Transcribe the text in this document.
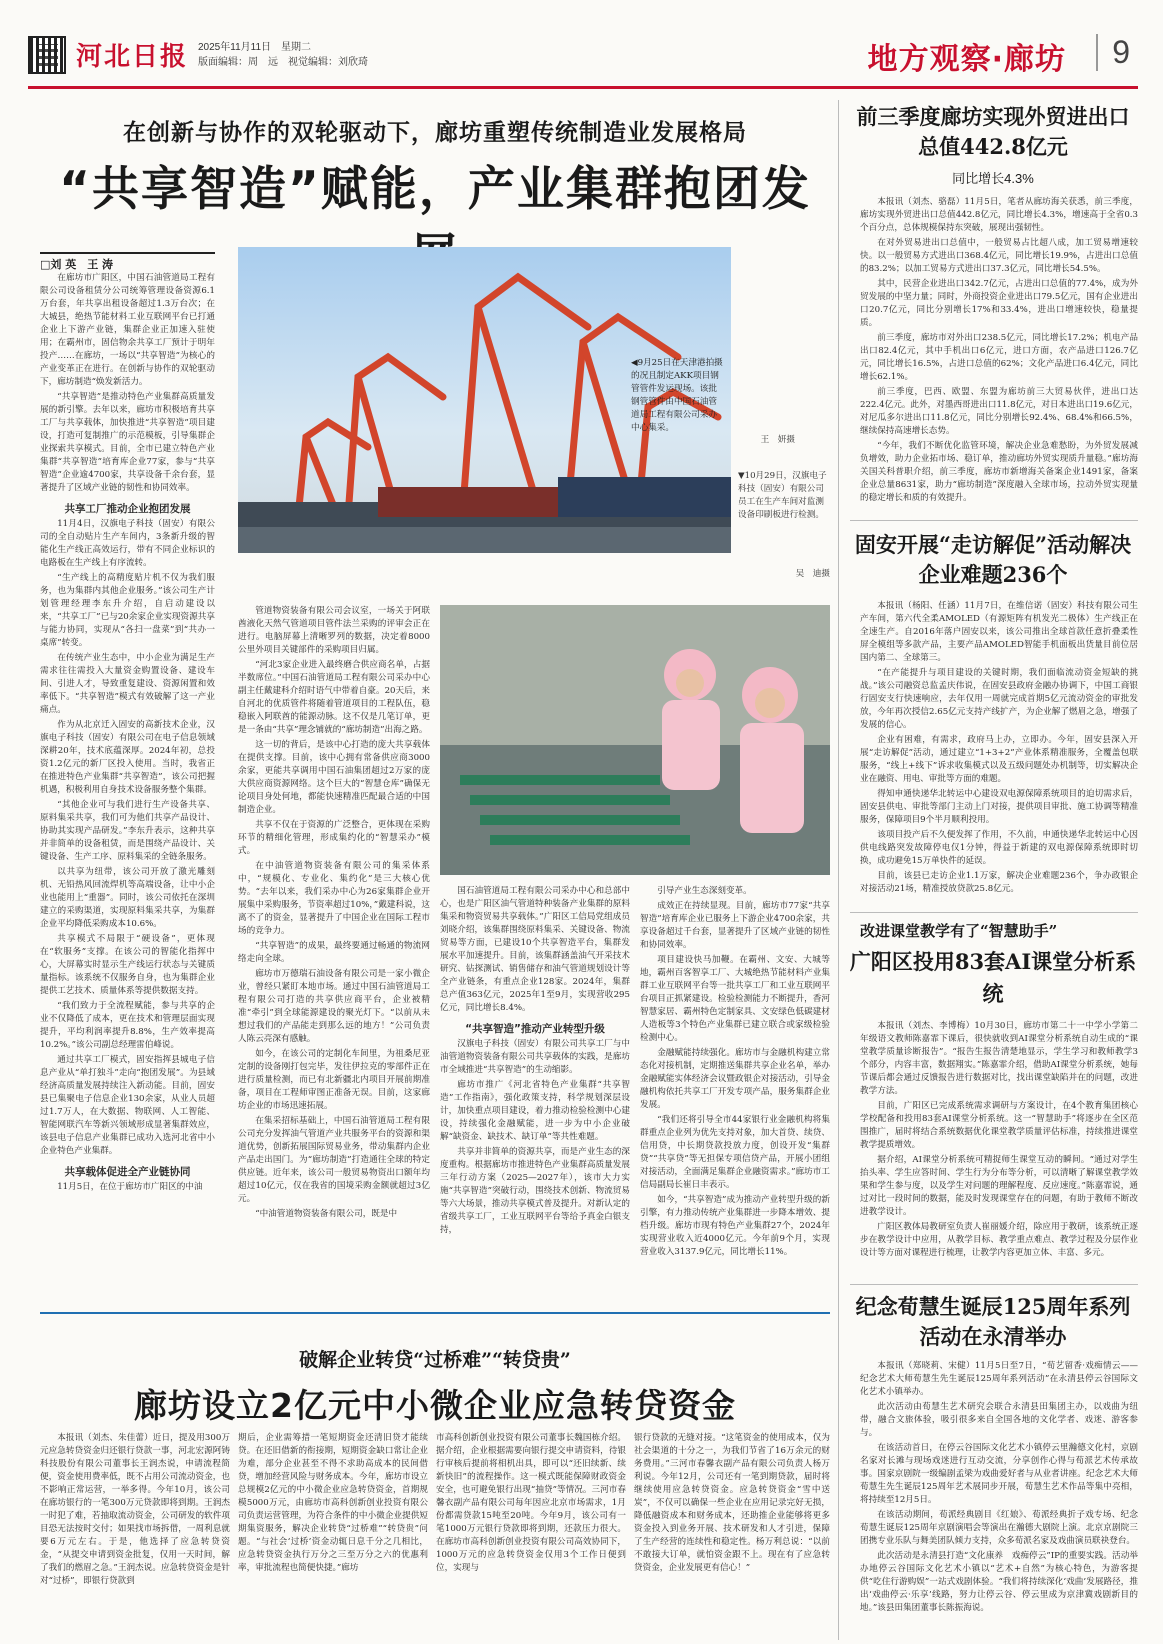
河北日报 2025年11月11日　星期二
版面编辑：周　远　视觉编辑：刘欣琦	地方观察·廊坊	9
在创新与协作的双轮驱动下，廊坊重塑传统制造业发展格局
“共享智造”赋能，产业集群抱团发
□刘 英　王 涛

在廊坊市广阳区，中国石油管道局工程有限公司设备租赁分公司统筹管理设备资源6.1万台套，年共享出租设备超过1.3万台次；在大城县，绝热节能材料工业互联网平台已打通企业上下游产业链，集群企业正加速入驻使用；在霸州市，固信物余共享工厂预计于明年投产……在廊坊，一场以“共享智造”为核心的产业变革正在进行。在创新与协作的双轮驱动下，廊坊制造“焕发新活力。

“共享智造”是推动特色产业集群高质量发展的新引擎。去年以来，廊坊市积极培育共享工厂与共享载体，加快推进“共享智造”项目建设，打造可复制推广的示范模板，引导集群企业探索共享模式。目前，全市已建立特色产业集群“共享智造”培育库企业77家，参与“共享智造”企业逾4700家，共享设备千余台套，显著提升了区域产业链的韧性和协同效率。

共享工厂推动企业抱团发展

11月4日，汉旗电子科技（固安）有限公司的全自动贴片生产车间内，3条新升级的智能化生产线正高效运行，带有不同企业标识的电路板在生产线上有序流转。

“生产线上的高精度贴片机不仅为我们服务，也为集群内其他企业服务。”该公司生产计划管理经理李东升介绍，自启动建设以来，“共享工厂”已与20余家企业实现资源共享与能力协同，实现从“各扫一盘菜”到“共办一桌席”转变。

在传统产业生态中，中小企业为满足生产需求往往需投入大量资金购置设备、建设车间、引进人才，导致重复建设、资源闲置和效率低下。“共享智造”模式有效破解了这一产业痛点。

作为从北京迁入固安的高新技术企业，汉旗电子科技（固安）有限公司在电子信息领域深耕20年，技术底蕴深厚。2024年初，总投资1.2亿元的新厂区投入使用。当时，我省正在推进特色产业集群“共享智造”，该公司把握机遇，积极利用自身技术设备服务整个集群。

“其他企业可与我们进行生产设备共享、原料集采共享，我们可为他们共享产品设计、协助其实现产品研发。”李东升表示，这种共享并非简单的设备租赁，而是围绕产品设计、关键设备、生产工序、原料集采的全链条服务。

以共享为纽带，该公司开放了激光雕刻机、无铅热风回流焊机等高端设备，让中小企业也能用上“重器”。同时，该公司依托在深圳建立的采购渠道，实现原料集采共享，为集群企业平均降低采购成本10.6%。

共享模式不局限于“硬设备”，更体现在“软服务”支撑。在该公司的智能化指挥中心，大屏幕实时显示生产线运行状态与关键质量指标。该系统不仅服务自身，也为集群企业提供工艺技术、质量体系等提供数据支持。

“我们致力于全流程赋能，参与共享的企业不仅降低了成本，更在技术和管理层面实现提升，平均利润率提升8.8%，生产效率提高10.2%。”该公司副总经理雷伯峰说。

通过共享工厂模式，固安指挥县城电子信息产业从“单打独斗”走向“抱团发展”。为县域经济高质量发展持续注入新动能。目前，固安县已集聚电子信息企业130余家，从业人员超过1.7万人，在大数据、物联网、人工智能、智能网联汽车等新兴领域形成显著集群效应，该县电子信息产业集群已成功入选河北省中小企业特色产业集群。

共享载体促进全产业链协同

11月5日，在位于廊坊市广阳区的中油

◀9月25日在天津港拍摄的况且制定AKK项目钢管管件发运现场。该批钢管管件由中国石油管道局工程有限公司采办中心集采。
王　妍摄
▼10月29日，汉旗电子科技（固安）有限公司员工在生产车间对监测设备印刷板进行检测。
吴　迪摄

管道物资装备有限公司会议室，一场关于阿联酋液化天然气管道项目管件法兰采购的评审会正在进行。电脑屏幕上清晰罗列的数据，决定着8000公里外项目关键部件的采购项目归属。

“河北3家企业进入最终磨合供应商名单，占据半数席位。”中国石油管道局工程有限公司采办中心副主任戴建科介绍时语气中带着自豪。20天后，来自河北的优质管件将随着管道项目的工程队伍，稳稳嵌入阿联酋的能源动脉。这不仅是几笔订单，更是一条由“共享”理念铺就的“廊坊制造”出海之路。

这一切的背后，是该中心打造的庞大共享载体在提供支撑。目前，该中心拥有常备供应商3000余家，更能共享调用中国石油集团超过2万家的庞大供应商资源网络。这个巨大的“智慧仓库”确保无论项目身处何地，都能快速精准匹配最合适的中国制造企业。

共享不仅在于资源的广泛整合，更体现在采购环节的精细化管理，形成集约化的“智慧采办”模式。

在中油管道物资装备有限公司的集采体系中，“规模化、专业化、集约化”是三大核心优势。“去年以来，我们采办中心为26家集群企业开展集中采购服务，节资率超过10%，”戴建科说，这离不了的资金，显著提升了中国企业在国际工程市场的竞争力。

“共享智造”的成果，最终要通过畅通的物流网络走向全球。

廊坊市万德瑞石油设备有限公司是一家小微企业，曾经只紧盯本地市场。通过中国石油管道局工程有限公司打造的共享供应商平台，企业被精准“牵引”到全球能源建设的聚光灯下。“以前从未想过我们的产品能走到那么远的地方！”公司负责人陈云亮深有感触。

如今，在该公司的定制化车间里，为祖桑尼亚定制的设备刚打包完毕，发往伊拉克的零部件正在进行质量检测，而已有北新疆北内项目开展前期准备，项目在工程师审图正准备无误。目前，这家廊坊企业的市场迅速拓展。

在集采招标基础上，中国石油管道局工程有限公司充分发挥油气管道产业共服务平台的资源和渠道优势，创新拓展国际贸易业务，带动集群内企业产品走出国门。为“廊坊制造”打造通往全球的特定供应链。近年来，该公司一般贸易物资出口额年均超过10亿元，仅在我省的国境采购金额就超过3亿元。

“中油管道物资装备有限公司，既是中

国石油管道局工程有限公司采办中心和总部中心，也是广阳区油气管道特种装备产业集群的原料集采和物资贸易共享载体。”广阳区工信局党组成员刘晓介绍，该集群围绕原料集采、关键设备、物流贸易等方面，已建设10个共享智造平台，集群发展水平加速提升。目前，该集群涵盖油气开采技术研究、钻探测试、销售储存和油气管道规划设计等全产业链条，有重点企业128家。2024年，集群总产值363亿元，2025年1至9月，实现营收295亿元，同比增长8.4%。

“共享智造”推动产业转型升级

汉旗电子科技（固安）有限公司共享工厂与中油管道物资装备有限公司共享载体的实践，是廊坊市全域推进“共享智造”的生动缩影。

廊坊市推广《河北省特色产业集群“共享智造”工作指南》，强化政策支持，科学规划深层设计，加快重点项目建设，着力推动检验检测中心建设，持续强化金融赋能，进一步为中小企业破解“缺资金、缺技术、缺订单”等共性难题。

共享并非简单的资源共享，而是产业生态的深度重构。根据廊坊市推进特色产业集群高质量发展三年行动方案（2025—2027年），该市大力实施“共享智造”突破行动，围绕技术创新、物流贸易等六大场景，推动共享模式普及提升。对新认定的省级共享工厂，工业互联网平台等给予真金白银支持，

引导产业生态深刻变革。

成效正在持续显现。目前，廊坊市77家“共享智造”培育库企业已服务上下游企业4700余家，共享设备超过千台套，显著提升了区域产业链的韧性和协同效率。

项目建设快马加鞭。在霸州、文安、大城等地，霸州百客智享工厂、大城绝热节能材料产业集群工业互联网平台等一批共享工厂和工业互联网平台项目正抓紧建设。检验检测能力不断提升，香河智慧家居、霸州特色定制家具、文安绿色低碳建材人造板等3个特色产业集群已建立联合或家级检验检测中心。

金融赋能持续强化。廊坊市与金融机构建立常态化对接机制，定期推送集群共享企业名单，举办金融赋能实体经济会议暨政银企对接活动，引导金融机构依托共享工厂开发专项产品，服务集群企业发展。

“我们还将引导全市44家银行业金融机构将集群重点企业列为优先支持对象，加大首贷、续贷、信用贷，中长期贷款投放力度，创设开发“集群贷”“共享贷”等无担保专项信贷产品，开展小团组对接活动，全面满足集群企业融资需求。”廊坊市工信局副局长崔日丰表示。

如今，“共享智造”成为推动产业转型升级的新引擎，有力推动传统产业集群进一步降本增效、提档升级。廊坊市现有特色产业集群27个，2024年实现营业收入近4000亿元。今年前9个月，实现营业收入3137.9亿元，同比增长11%。

前三季度廊坊实现外贸进出口总值442.8亿元
同比增长4.3%

本报讯（刘杰、骆磊）11月5日，笔者从廊坊海关获悉，前三季度，廊坊实现外贸进出口总值442.8亿元，同比增长4.3%，增速高于全省0.3个百分点，总体规模保持东突破，展现出强韧性。

在对外贸易进出口总值中，一般贸易占比超八成，加工贸易增速较快。以一般贸易方式进出口368.4亿元，同比增长19.9%，占进出口总值的83.2%；以加工贸易方式进出口37.3亿元，同比增长54.5%。

其中，民营企业进出口342.7亿元，占进出口总值的77.4%，成为外贸发展的中坚力量；同时，外商投资企业进出口79.5亿元，国有企业进出口20.7亿元，同比分别增长17%和33.4%，进出口增速较快，稳量提质。

前三季度，廊坊市对外出口238.5亿元，同比增长17.2%；机电产品出口82.4亿元，其中手机出口6亿元，进口方面，农产品进口126.7亿元，同比增长16.5%，占进口总值的62%；文化产品进口6.4亿元，同比增长62.1%。

前三季度，巴西、欧盟、东盟为廊坊前三大贸易伙伴，进出口达222.4亿元。此外，对墨西哥进出口11.8亿元，对日本进出口19.6亿元，对尼瓜多尔进出口11.8亿元，同比分别增长92.4%、68.4%和66.5%，继续保持高速增长态势。

“今年，我们不断优化监管环境，解决企业急难愁盼，为外贸发展减负增效，助力企业拓市场、稳订单，推动廊坊外贸实现质升量稳。”廊坊海关国关科普职介绍，前三季度，廊坊市新增海关备案企业1491家，备案企业总量8631家，助力“廊坊制造”深度融入全球市场，拉动外贸实现量的稳定增长和质的有效提升。

固安开展“走访解促”活动解决企业难题236个

本报讯（杨阳、任涵）11月7日，在维信诺（固安）科技有限公司生产车间，第六代全柔AMOLED（有源矩阵有机发光二极体）生产线正在全速生产。自2016年落户固安以来，该公司推出全球首款任意折叠柔性屏全模组等多款产品，主要产品AMOLED智能手机面板出货量目前位居国内第二、全球第三。

“在产能提升与项目建设的关键时期，我们面临流动资金短缺的挑战。”该公司融资总监孟庆伟说，在固安县政府金融办协调下，中国工商银行固安支行快速响应，去年仅用一周就完成首期5亿元流动资金的审批发放，今年再次授信2.65亿元支持产线扩产，为企业解了燃眉之急，增强了发展的信心。

企业有困难，有需求，政府马上办，立即办。今年，固安县深入开展“走访解促”活动，通过建立“1+3+2”产业体系精准服务，全覆盖包联服务，“线上+线下”诉求收集模式以及五级问题处办机制等，切实解决企业在融资、用电、审批等方面的难题。

得知申通快递华北转运中心建设双电源保障系统项目的迫切需求后，固安县供电、审批等部门主动上门对接，提供项目审批、施工协调等精准服务，保障项目9个半月顺利投用。

该项目投产后不久便发挥了作用，不久前，申通快递华北转运中心因供电线路突发故障停电仅1分钟，得益于新建的双电源保障系统即时切换，成功避免15万单快件的延误。

目前，该县已走访企业1.1万家，解决企业难题236个，争办政银企对接活动21场，精准授放贷款25.8亿元。

改进课堂教学有了“智慧助手”
广阳区投用83套AI课堂分析系统

本报讯（刘杰、李博梅）10月30日，廊坊市第二十一中学小学第二年级语文教师陈嘉霏下课后，很快就收到AI课堂分析系统自动生成的“课堂教学质量诊断报告”。“报告生报告清楚地显示，学生学习和教师教学3个部分，内容丰富，数据翔实。”陈嘉霏介绍，借助AI课堂分析系统，她每节课后都会通过反馈报告进行数据对比，找出课堂缺陷并在的问题，改进教学方法。

目前，广阳区已完成系统需求调研与方案设计，在4个教育集团核心学校配备和投用83套AI课堂分析系统。这一“智慧助手”将逐步在全区范围推广，届时将结合系统数据优化课堂教学质量评估标准，持续推进课堂教学提质增效。

据介绍，AI课堂分析系统可精捉师生课堂互动的瞬间。“通过对学生抬头率、学生应答时间、学生行为分布等分析，可以清晰了解课堂教学效果和学生参与度，以及学生对问题的理解程度、反应速度。”陈嘉霏说，通过对比一段时间的数据，能及时发现课堂存在的问题，有助于教师不断改进教学设计。

广阳区教体局教研室负责人崔丽媛介绍，除应用于教研，该系统正逐步在教学设计中应用，从教学目标、教学重点难点、教学过程及分层作业设计等方面对课程进行梳理，让教学内容更加立体、丰富、多元。

纪念荀慧生诞辰125周年系列活动在永清举办

本报讯（郑晓莉、宋健）11月5日至7日，“荀艺留香·戏痴情云——纪念艺术大师荀慧生先生诞辰125周年系列活动”在永清县停云谷国际文化艺术小镇举办。

此次活动由荀慧生艺术研究会联合永清县田集团主办，以戏曲为纽带，融合文旅体验，吸引很多来自全国各地的文化学者、戏迷、游客参与。

在该活动首日，在停云谷国际文化艺术小镇停云里瀚德文化村，京剧名家对长滩与现场戏迷进行互动交流，分享创作心得与荀派艺术传承故事。国家京剧院一级编剧孟梁为戏曲爱好者与从业者讲座。纪念艺术大师荀慧生先生诞辰125周年艺术展同步开展，荀慧生艺术作品等集中亮相，将持续至12月5日。

在该活动期间，荀派经典剧目《红娘》、荀派经典折子戏专场、纪念荀慧生诞辰125周年京剧演唱会等演出在瀚德大剧院上演。北京京剧院三团携专业乐队与舞美团队倾力支持，众多荀派名家及戏曲演员联袂登台。

此次活动是永清县打造“文化康养　戏痴停云”IP的重要实践。活动举办地停云谷国际文化艺术小镇以“艺术+自然”为核心特色，为游客提供“吃住行游购娱”一站式戏剧体验。“我们将持续深化‘戏曲’发展路径，推出‘戏曲停云·乐享’线路，努力让停云谷、停云里成为京津冀戏剧新目的地。”该县田集团董事长陈振海说。

破解企业转贷“过桥难”“转贷贵”
廊坊设立2亿元中小微企业应急转贷资金
本报讯（刘杰、朱佳蕾）近日，提及用300万元应急转贷资金归还银行贷款一事，河北宏源阿铸科技股份有限公司董事长王润杰说，申请流程简便，资金使用费率低，既不占用公司流动资金，也不影响正常运营，一举多得。今年10月，该公司在廊坊银行的一笔300万元贷款即将到期。王润杰一时犯了难，若抽取流动资金，公司研发的软件项目恐无法按时交付；如果找市场拆借，一周利息就要6万元左右。于是，他选择了应急转贷资金，“从提交申请到资金批复，仅用一天时间，解了我们的燃眉之急。”王润杰说。应急转贷资金是针对“过桥”，即银行贷款到
期后，企业需筹措一笔短期资金还清旧贷才能续贷。在还旧借新的衔接期，短期资金缺口常让企业为难，部分企业甚至不得不求助高成本的民间借贷，增加经营风险与财务成本。今年，廊坊市设立总规模2亿元的中小微企业应急转贷资金，首期规模5000万元，由廊坊市高科创新创业投资有限公司负责运营管理，为符合条件的中小微企业提供短期集资服务，解决企业转贷“过桥难”“转贷贵”问题。“与社会‘过桥’资金动辄日息千分之几相比，应急转贷资金执行万分之三至万分之六的优惠利率，审批流程也简便快捷。”廊坊
市高科创新创业投资有限公司董事长魏国栋介绍。据介绍，企业根据需要向银行提交申请资料，待银行审核后提前将相机出具，即可以“还旧续新、续新快旧”的流程操作。这一模式既能保障财政资金安全，也可避免银行出现“抽贷”等情况。三河市春馨衣副产品有限公司每年因应北京市场需求，1月份都需贷款15吨至20吨。今年9月，该公司有一笔1000万元银行贷款即将到期，还款压力很大。在廊坊市高科创新创业投资有限公司高效协同下，1000万元的应急转贷资金仅用3个工作日便到位，实现与
银行贷款的无缝对接。“这笔资金的使用成本，仅为社会渠道的十分之一，为我们节省了16万余元的财务费用。”三河市春馨衣副产品有限公司负责人杨万利说。今年12月，公司还有一笔到期贷款，届时将继续使用应急转贷资金。应急转贷资金“雪中送炭”，不仅可以确保一些企业在应用记录完好无损，降低融资成本和财务成本，还助推企业能够将更多资金投入到业务开展、技术研发和人才引进，保障了生产经营的连续性和稳定性。杨万利总说：“以前不敢接大订单，就怕资金跟不上。现在有了应急转贷资金，企业发展更有信心！”
